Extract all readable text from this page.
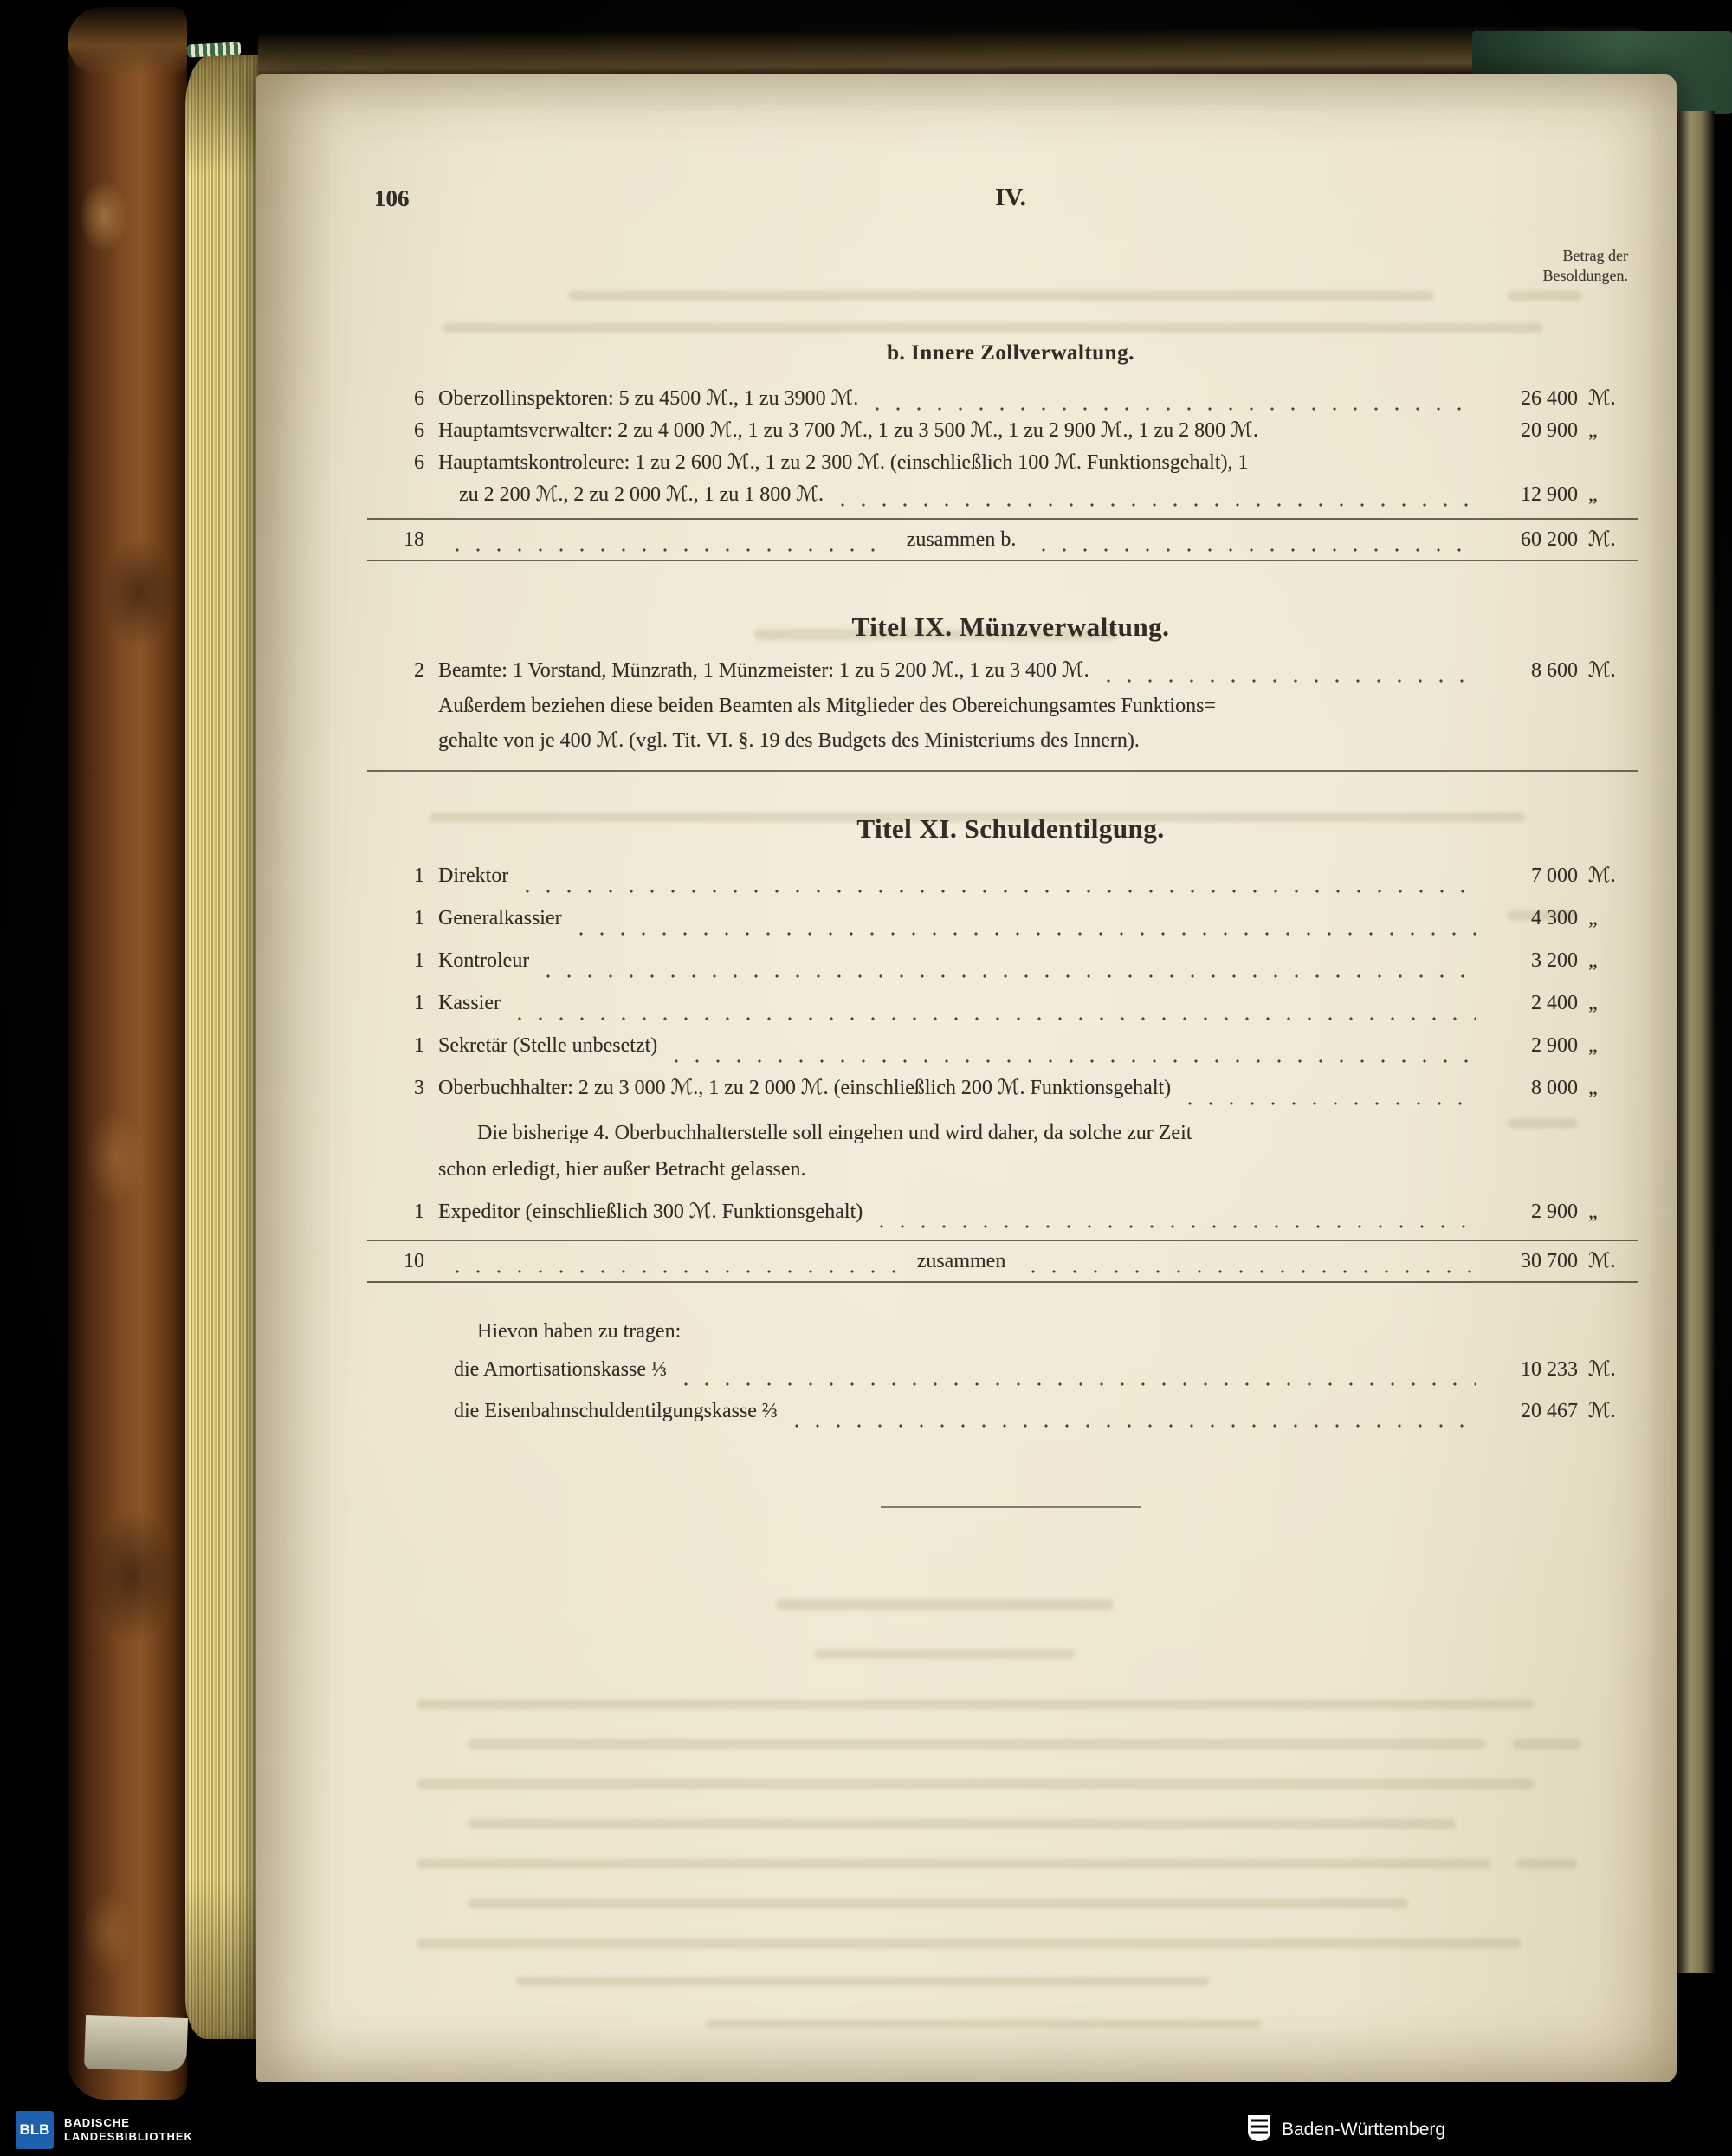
106	IV.
Betrag der
Besoldungen.
b. Innere Zollverwaltung.
6 Oberzollinspektoren: 5 zu 4500 ℳ., 1 zu 3900 ℳ.	26 400 ℳ.
6 Hauptamtsverwalter: 2 zu 4 000 ℳ., 1 zu 3 700 ℳ., 1 zu 3 500 ℳ., 1 zu 2 900 ℳ., 1 zu 2 800 ℳ.	20 900 „
6 Hauptamtskontroleure: 1 zu 2 600 ℳ., 1 zu 2 300 ℳ. (einschließlich 100 ℳ. Funktionsgehalt), 1
zu 2 200 ℳ., 2 zu 2 000 ℳ., 1 zu 1 800 ℳ.	12 900 „
18	zusammen b.	60 200 ℳ.
Titel IX. Münzverwaltung.
2 Beamte: 1 Vorstand, Münzrath, 1 Münzmeister: 1 zu 5 200 ℳ., 1 zu 3 400 ℳ.	8 600 ℳ.
Außerdem beziehen diese beiden Beamten als Mitglieder des Obereichungsamtes Funktions=
gehalte von je 400 ℳ. (vgl. Tit. VI. §. 19 des Budgets des Ministeriums des Innern).
Titel XI. Schuldentilgung.
1 Direktor	7 000 ℳ.
1 Generalkassier	4 300 „
1 Kontroleur	3 200 „
1 Kassier	2 400 „
1 Sekretär (Stelle unbesetzt)	2 900 „
3 Oberbuchhalter: 2 zu 3 000 ℳ., 1 zu 2 000 ℳ. (einschließlich 200 ℳ. Funktionsgehalt)	8 000 „
Die bisherige 4. Oberbuchhalterstelle soll eingehen und wird daher, da solche zur Zeit
schon erledigt, hier außer Betracht gelassen.
1 Expeditor (einschließlich 300 ℳ. Funktionsgehalt)	2 900 „
10	zusammen	30 700 ℳ.
Hievon haben zu tragen:
die Amortisationskasse ⅓	10 233 ℳ.
die Eisenbahnschuldentilgungskasse ⅔	20 467 ℳ.
BLB	BADISCHE
LANDESBIBLIOTHEK	Baden-Württemberg
